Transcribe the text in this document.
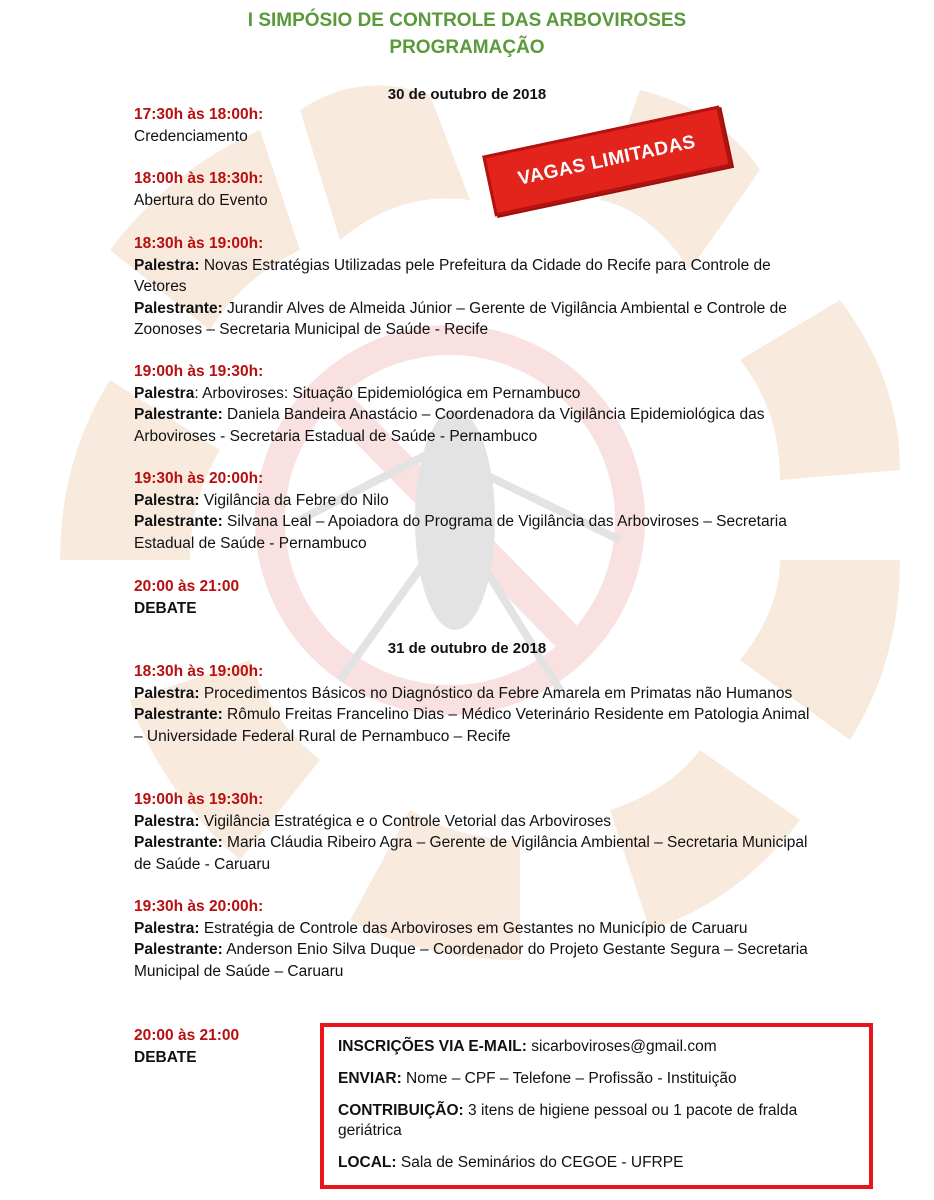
I SIMPÓSIO DE CONTROLE DAS ARBOVIROSES
PROGRAMAÇÃO
VAGAS LIMITADAS
30 de outubro de 2018
17:30h às 18:00h:
Credenciamento
18:00h às 18:30h:
Abertura do Evento
18:30h às 19:00h:
Palestra: Novas Estratégias Utilizadas pele Prefeitura da Cidade do Recife para Controle de Vetores
Palestrante: Jurandir Alves de Almeida Júnior – Gerente de Vigilância Ambiental e Controle de Zoonoses – Secretaria Municipal de Saúde - Recife
19:00h às 19:30h:
Palestra: Arboviroses: Situação Epidemiológica em Pernambuco
Palestrante: Daniela Bandeira Anastácio – Coordenadora da Vigilância Epidemiológica das Arboviroses - Secretaria Estadual de Saúde - Pernambuco
19:30h às 20:00h:
Palestra: Vigilância da Febre do Nilo
Palestrante: Silvana Leal – Apoiadora do Programa de Vigilância das Arboviroses – Secretaria Estadual de Saúde - Pernambuco
20:00 às 21:00
DEBATE
31 de outubro de 2018
18:30h às 19:00h:
Palestra: Procedimentos Básicos no Diagnóstico da Febre Amarela em Primatas não Humanos
Palestrante: Rômulo Freitas Francelino Dias – Médico Veterinário Residente em Patologia Animal – Universidade Federal Rural de Pernambuco – Recife
19:00h às 19:30h:
Palestra: Vigilância Estratégica e o Controle Vetorial das Arboviroses
Palestrante: Maria Cláudia Ribeiro Agra – Gerente de Vigilância Ambiental – Secretaria Municipal de Saúde - Caruaru
19:30h às 20:00h:
Palestra: Estratégia de Controle das Arboviroses em Gestantes no Município de Caruaru
Palestrante: Anderson Enio Silva Duque – Coordenador do Projeto Gestante Segura – Secretaria Municipal de Saúde – Caruaru
20:00 às 21:00
DEBATE

INSCRIÇÕES VIA E-MAIL: sicarboviroses@gmail.com

ENVIAR: Nome – CPF – Telefone – Profissão - Instituição

CONTRIBUIÇÃO: 3 itens de higiene pessoal ou 1 pacote de fralda geriátrica

LOCAL: Sala de Seminários do CEGOE - UFRPE
